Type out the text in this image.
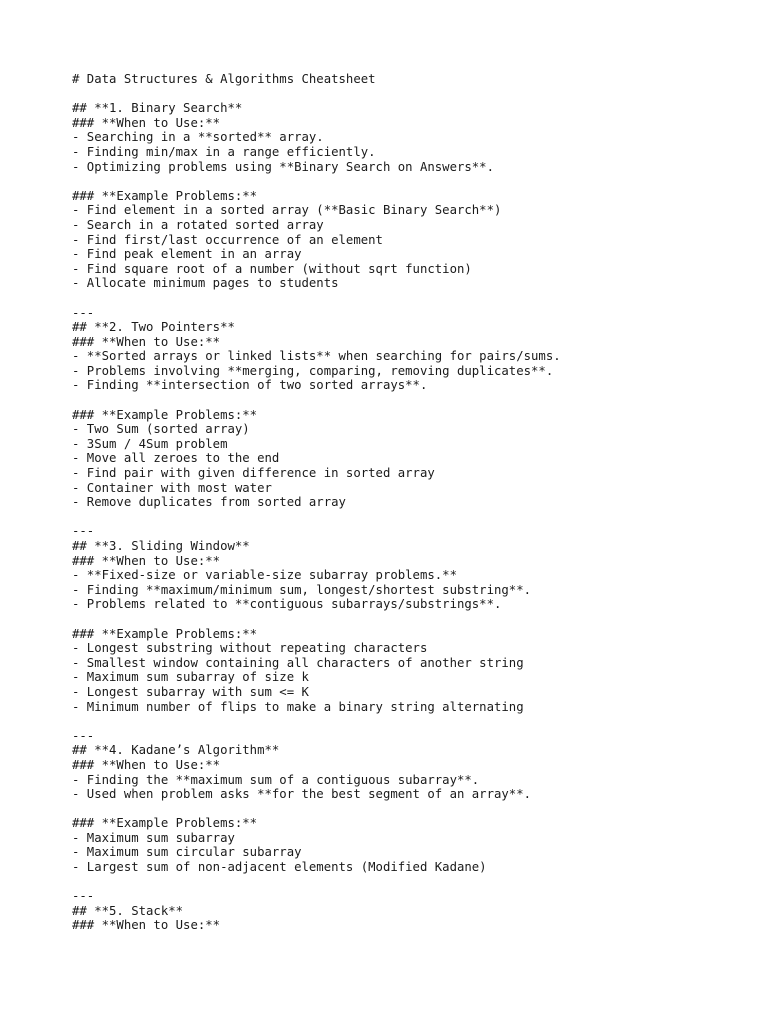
# Data Structures & Algorithms Cheatsheet
## **1. Binary Search**
### **When to Use:**
- Searching in a **sorted** array.
- Finding min/max in a range efficiently.
- Optimizing problems using **Binary Search on Answers**.
### **Example Problems:**
- Find element in a sorted array (**Basic Binary Search**)
- Search in a rotated sorted array
- Find first/last occurrence of an element
- Find peak element in an array
- Find square root of a number (without sqrt function)
- Allocate minimum pages to students
---
## **2. Two Pointers**
### **When to Use:**
- **Sorted arrays or linked lists** when searching for pairs/sums.
- Problems involving **merging, comparing, removing duplicates**.
- Finding **intersection of two sorted arrays**.
### **Example Problems:**
- Two Sum (sorted array)
- 3Sum / 4Sum problem
- Move all zeroes to the end
- Find pair with given difference in sorted array
- Container with most water
- Remove duplicates from sorted array
---
## **3. Sliding Window**
### **When to Use:**
- **Fixed-size or variable-size subarray problems.**
- Finding **maximum/minimum sum, longest/shortest substring**.
- Problems related to **contiguous subarrays/substrings**.
### **Example Problems:**
- Longest substring without repeating characters
- Smallest window containing all characters of another string
- Maximum sum subarray of size k
- Longest subarray with sum <= K
- Minimum number of flips to make a binary string alternating
---
## **4. Kadane’s Algorithm**
### **When to Use:**
- Finding the **maximum sum of a contiguous subarray**.
- Used when problem asks **for the best segment of an array**.
### **Example Problems:**
- Maximum sum subarray
- Maximum sum circular subarray
- Largest sum of non-adjacent elements (Modified Kadane)
---
## **5. Stack**
### **When to Use:**
